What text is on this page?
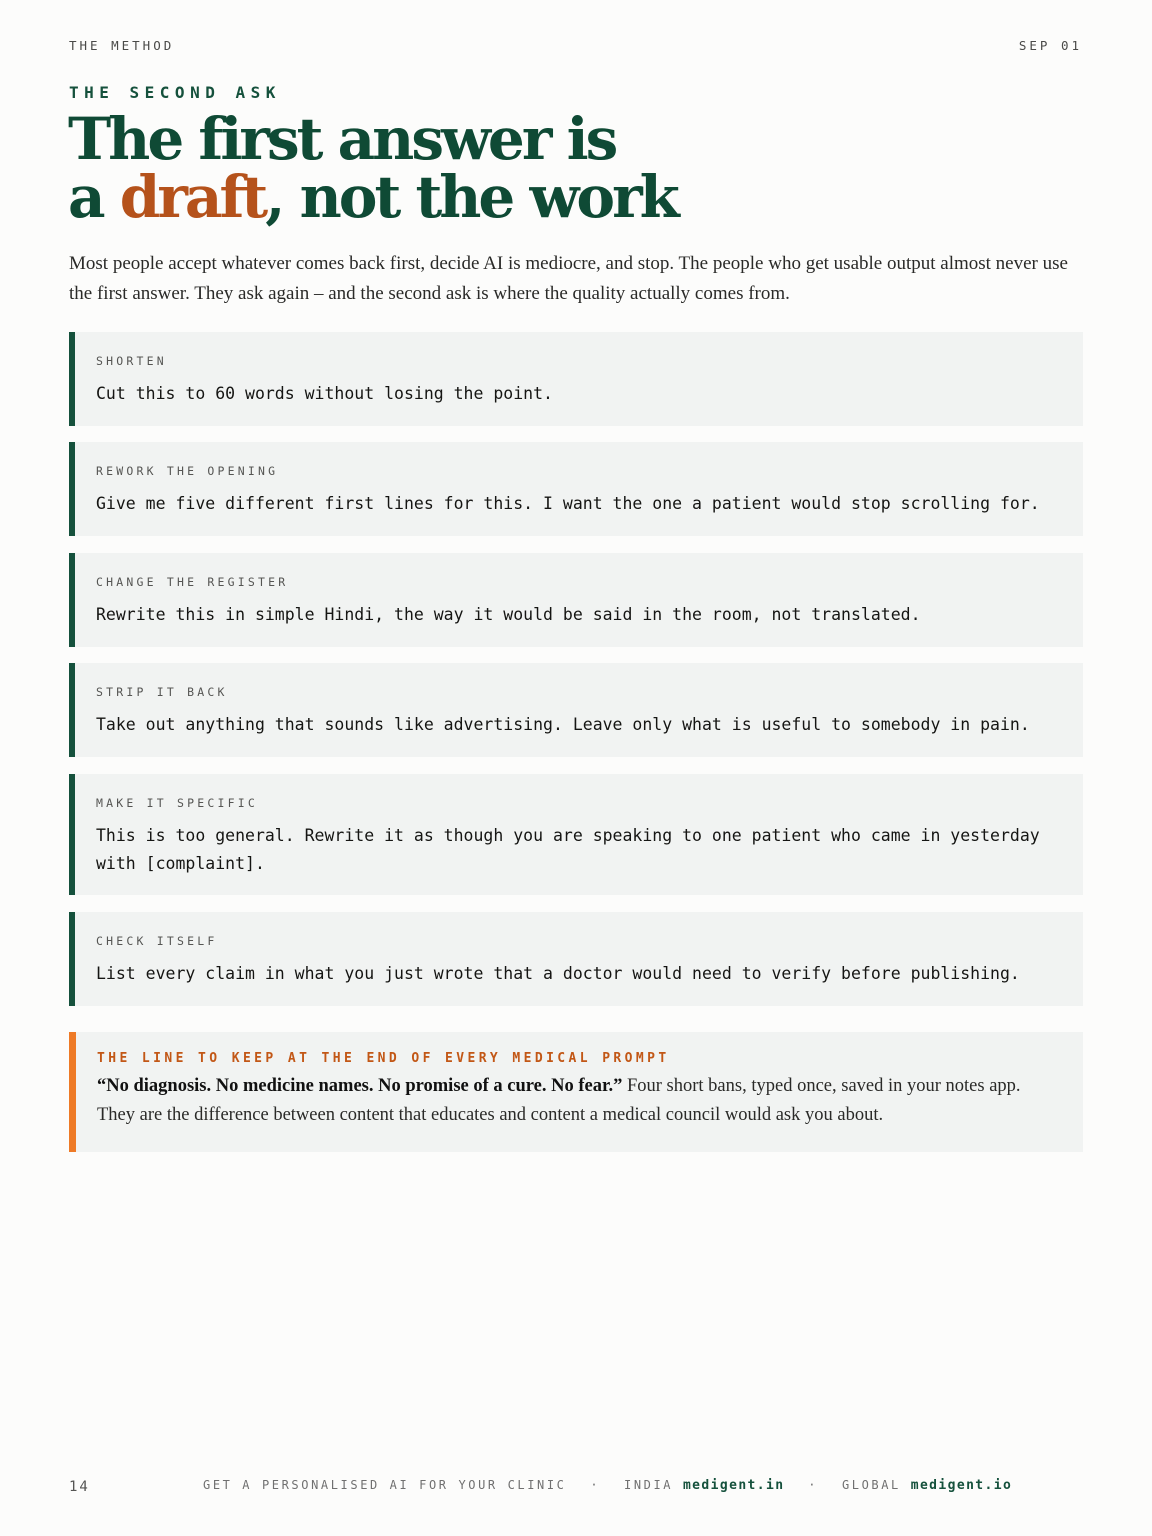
THE METHOD	SEP 01
THE SECOND ASK
The first answer is
a draft, not the work

Most people accept whatever comes back first, decide AI is mediocre, and stop. The people who get usable output almost never use the first answer. They ask again – and the second ask is where the quality actually comes from.

SHORTEN
Cut this to 60 words without losing the point.
REWORK THE OPENING
Give me five different first lines for this. I want the one a patient would stop scrolling for.
CHANGE THE REGISTER
Rewrite this in simple Hindi, the way it would be said in the room, not translated.
STRIP IT BACK
Take out anything that sounds like advertising. Leave only what is useful to somebody in pain.
MAKE IT SPECIFIC
This is too general. Rewrite it as though you are speaking to one patient who came in yesterday with [complaint].
CHECK ITSELF
List every claim in what you just wrote that a doctor would need to verify before publishing.
THE LINE TO KEEP AT THE END OF EVERY MEDICAL PROMPT
“No diagnosis. No medicine names. No promise of a cure. No fear.” Four short bans, typed once, saved in your notes app. They are the difference between content that educates and content a medical council would ask you about.
14	GET A PERSONALISED AI FOR YOUR CLINIC · INDIA medigent.in · GLOBAL medigent.io
